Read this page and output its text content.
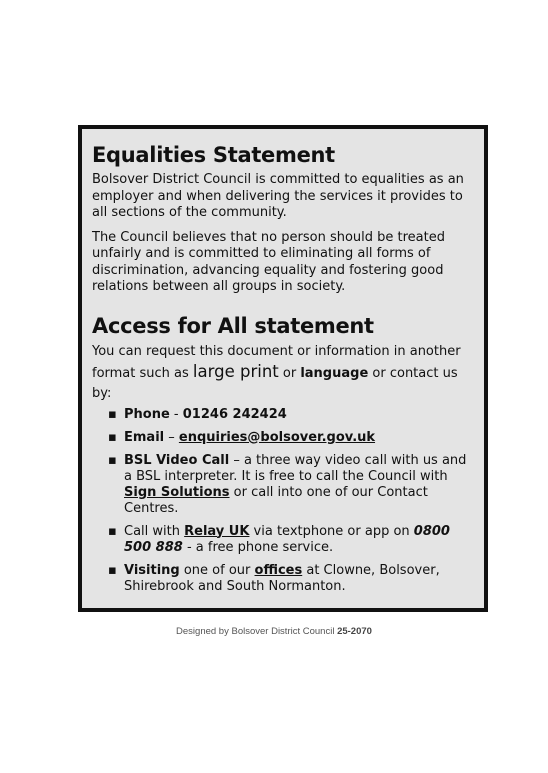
Equalities Statement

Bolsover District Council is committed to equalities as an employer and when delivering the services it provides to all sections of the community.

The Council believes that no person should be treated unfairly and is committed to eliminating all forms of discrimination, advancing equality and fostering good relations between all groups in society.

Access for All statement

You can request this document or information in another format such as large print or language or contact us by:

▪ Phone - 01246 242424
▪ Email – enquiries@bolsover.gov.uk
▪ BSL Video Call – a three way video call with us and a BSL interpreter. It is free to call the Council with Sign Solutions or call into one of our Contact Centres.
▪ Call with Relay UK via textphone or app on 0800 500 888 - a free phone service.
▪ Visiting one of our offices at Clowne, Bolsover, Shirebrook and South Normanton.
Designed by Bolsover District Council 25-2070
